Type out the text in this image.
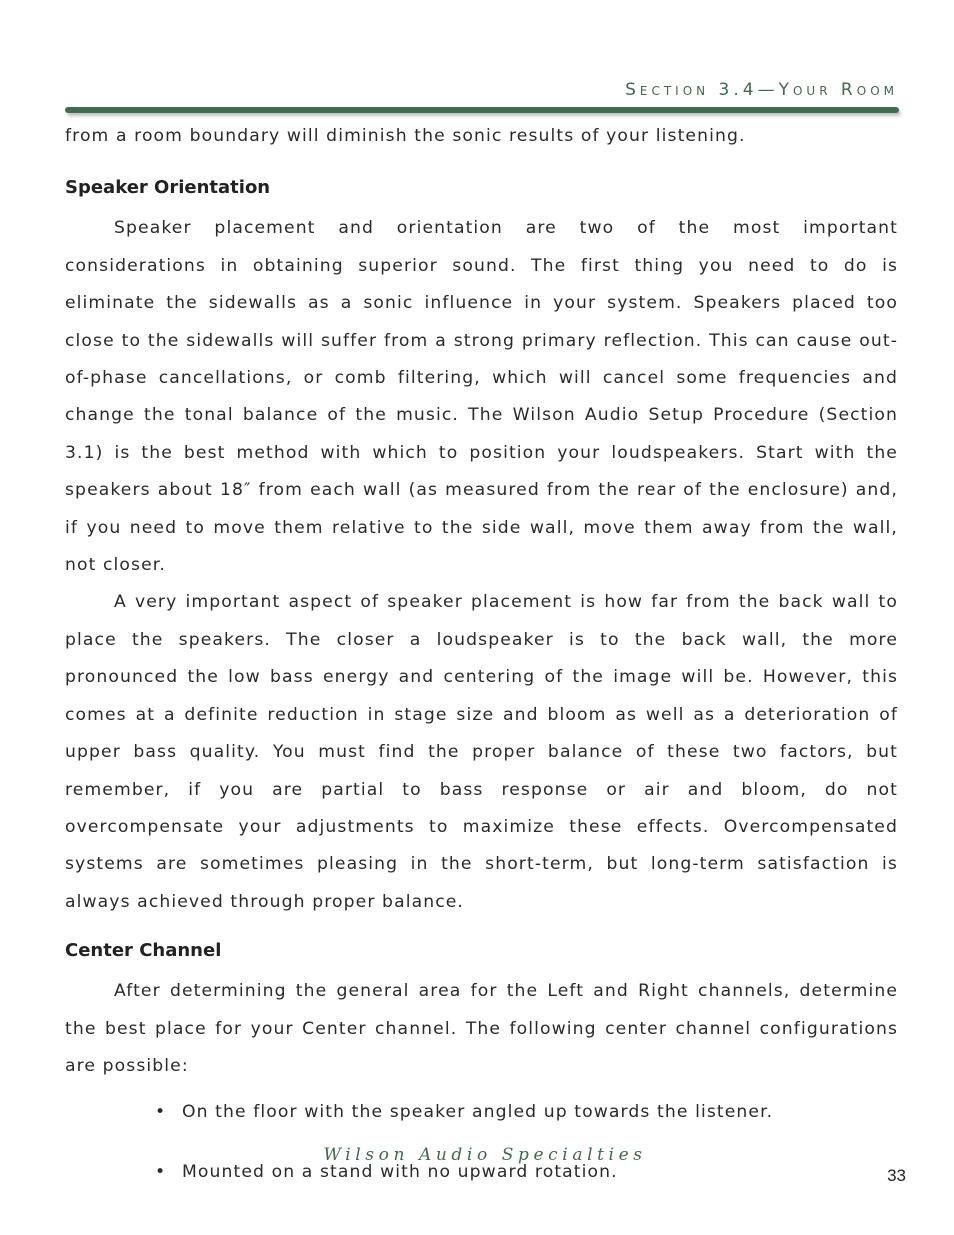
Section 3.4—Your Room

from a room boundary will diminish the sonic results of your listening.

Speaker Orientation

Speaker placement and orientation are two of the most important considerations in obtaining superior sound. The first thing you need to do is eliminate the sidewalls as a sonic influence in your system. Speakers placed too close to the sidewalls will suffer from a strong primary reflection. This can cause out-of-phase cancellations, or comb filtering, which will cancel some frequencies and change the tonal balance of the music. The Wilson Audio Setup Procedure (Section 3.1) is the best method with which to position your loudspeakers. Start with the speakers about 18″ from each wall (as measured from the rear of the enclosure) and, if you need to move them relative to the side wall, move them away from the wall, not closer.

A very important aspect of speaker placement is how far from the back wall to place the speakers. The closer a loudspeaker is to the back wall, the more pronounced the low bass energy and centering of the image will be. However, this comes at a definite reduction in stage size and bloom as well as a deterioration of upper bass quality. You must find the proper balance of these two factors, but remember, if you are partial to bass response or air and bloom, do not overcompensate your adjustments to maximize these effects. Overcompensated systems are sometimes pleasing in the short-term, but long-term satisfaction is always achieved through proper balance.

Center Channel

After determining the general area for the Left and Right channels, determine the best place for your Center channel. The following center channel configurations are possible:

• On the floor with the speaker angled up towards the listener.
• Mounted on a stand with no upward rotation.
Wilson Audio Specialties
33
